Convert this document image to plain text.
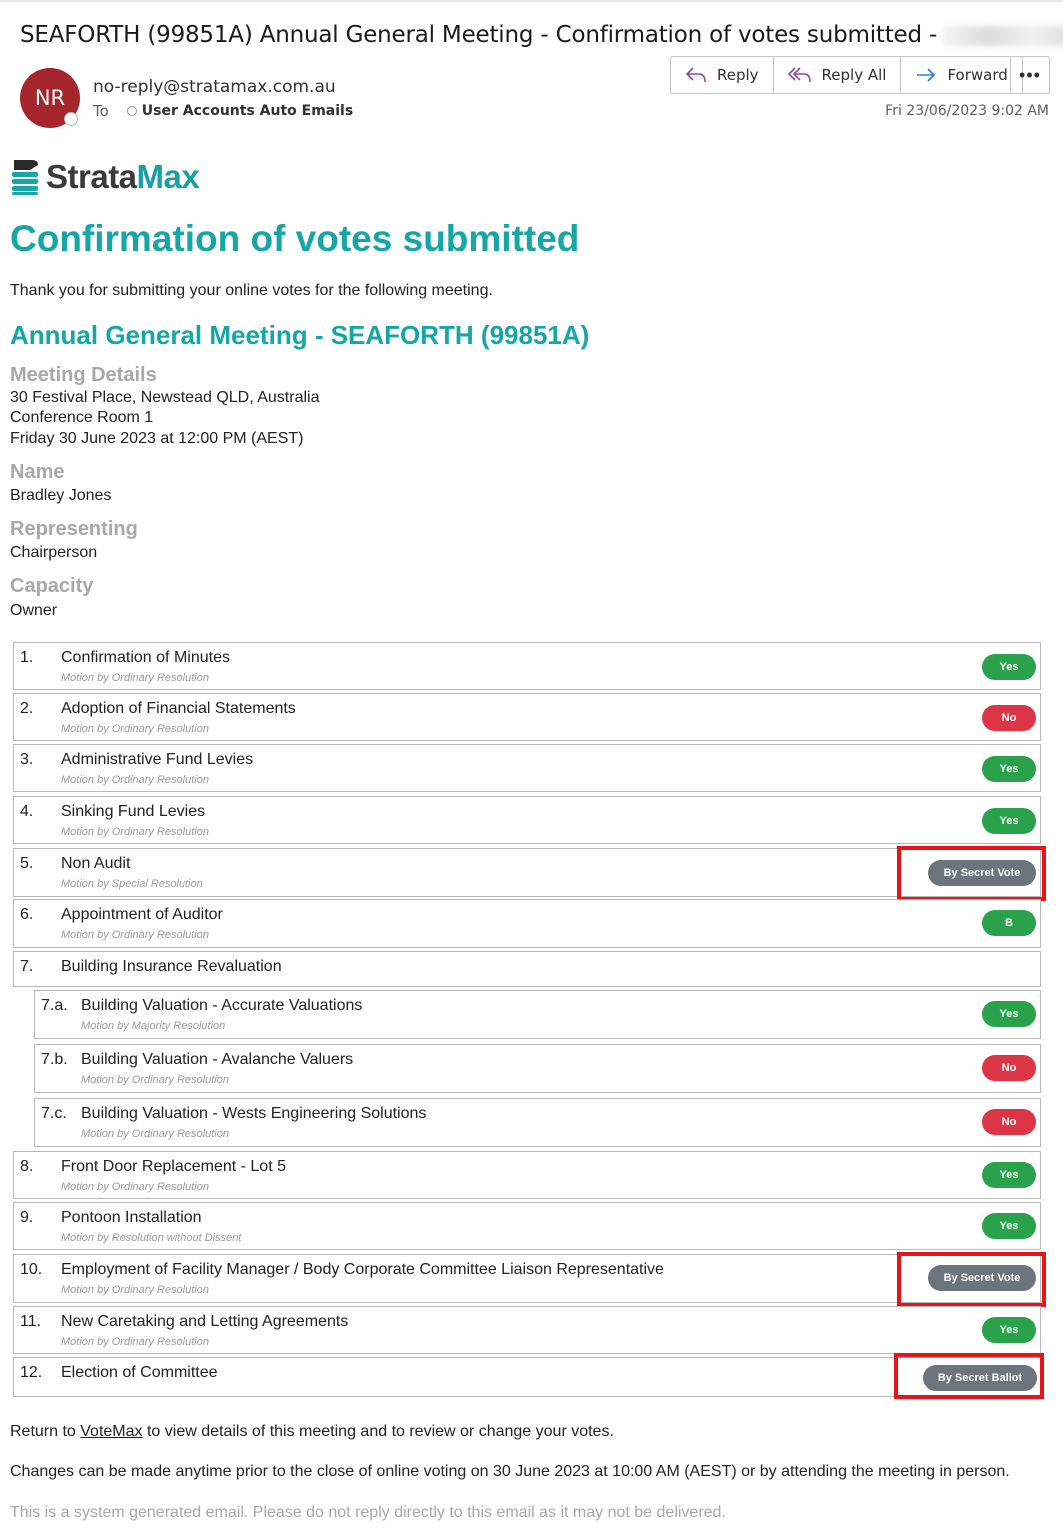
SEAFORTH (99851A) Annual General Meeting - Confirmation of votes submitted -
NR no-reply@stratamax.com.au
To User Accounts Auto Emails
Reply	Reply All	Forward •••
Fri 23/06/2023 9:02 AM
StrataMax
Confirmation of votes submitted
Thank you for submitting your online votes for the following meeting.
Annual General Meeting - SEAFORTH (99851A)
Meeting Details
30 Festival Place, Newstead QLD, Australia
Conference Room 1
Friday 30 June 2023 at 12:00 PM (AEST)
Name
Bradley Jones
Representing
Chairperson
Capacity
Owner
1. Confirmation of Minutes
Motion by Ordinary Resolution
Yes
2. Adoption of Financial Statements
Motion by Ordinary Resolution
No
3. Administrative Fund Levies
Motion by Ordinary Resolution
Yes
4. Sinking Fund Levies
Motion by Ordinary Resolution
Yes
5. Non Audit
Motion by Special Resolution
By Secret Vote
6. Appointment of Auditor
Motion by Ordinary Resolution
B
7. Building Insurance Revaluation
7.a. Building Valuation - Accurate Valuations
Motion by Majority Resolution
Yes
7.b. Building Valuation - Avalanche Valuers
Motion by Ordinary Resolution
No
7.c. Building Valuation - Wests Engineering Solutions
Motion by Ordinary Resolution
No
8. Front Door Replacement - Lot 5
Motion by Ordinary Resolution
Yes
9. Pontoon Installation
Motion by Resolution without Dissent
Yes
10. Employment of Facility Manager / Body Corporate Committee Liaison Representative
Motion by Ordinary Resolution
By Secret Vote
11. New Caretaking and Letting Agreements
Motion by Ordinary Resolution
Yes
12. Election of Committee	By Secret Ballot
Return to VoteMax to view details of this meeting and to review or change your votes.
Changes can be made anytime prior to the close of online voting on 30 June 2023 at 10:00 AM (AEST) or by attending the meeting in person.
This is a system generated email. Please do not reply directly to this email as it may not be delivered.
